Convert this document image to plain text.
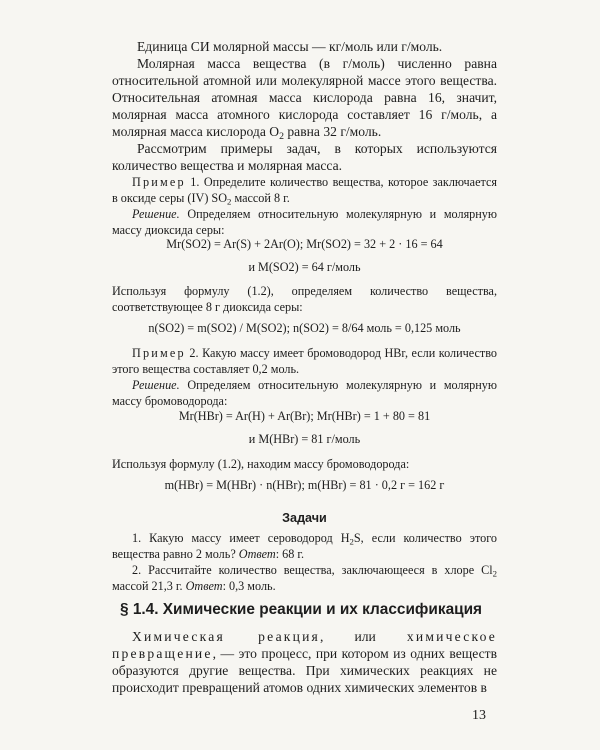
Единица СИ молярной массы — кг/моль или г/моль.
Молярная масса вещества (в г/моль) численно равна относительной атомной или молекулярной массе этого вещества. Относительная атомная масса кислорода равна 16, значит, молярная масса атомного кислорода составляет 16 г/моль, а молярная масса кислорода $O_2$ равна 32 г/моль.
Рассмотрим примеры задач, в которых используются количество вещества и молярная масса.

Пример 1. Определите количество вещества, которое заключается в оксиде серы (IV) $SO_2$ массой 8 г.

Решение. Определяем относительную молекулярную и молярную массу диоксида серы:

Mr(SO2) = Ar(S) + 2Ar(O); Mr(SO2) = 32 + 2 · 16 = 64
и M(SO2) = 64 г/моль

Используя формулу (1.2), определяем количество вещества, соответствующее 8 г диоксида серы:

n(SO2) = m(SO2) / M(SO2); n(SO2) = 8/64 моль = 0,125 моль

Пример 2. Какую массу имеет бромоводород HBr, если количество этого вещества составляет 0,2 моль.

Решение. Определяем относительную молекулярную и молярную массу бромоводорода:

Mr(HBr) = Ar(H) + Ar(Br); Mr(HBr) = 1 + 80 = 81
и M(HBr) = 81 г/моль

Используя формулу (1.2), находим массу бромоводорода:

m(HBr) = M(HBr) · n(HBr); m(HBr) = 81 · 0,2 г = 162 г
Задачи

1. Какую массу имеет сероводород $H_2S$, если количество этого вещества равно 2 моль? Ответ: 68 г.

2. Рассчитайте количество вещества, заключающееся в хлоре $Cl_2$ массой 21,3 г. Ответ: 0,3 моль.

§ 1.4. Химические реакции и их классификация
Химическая реакция, или химическое превращение, — это процесс, при котором из одних веществ образуются другие вещества. При химических реакциях не происходит превращений атомов одних химических элементов в
13
